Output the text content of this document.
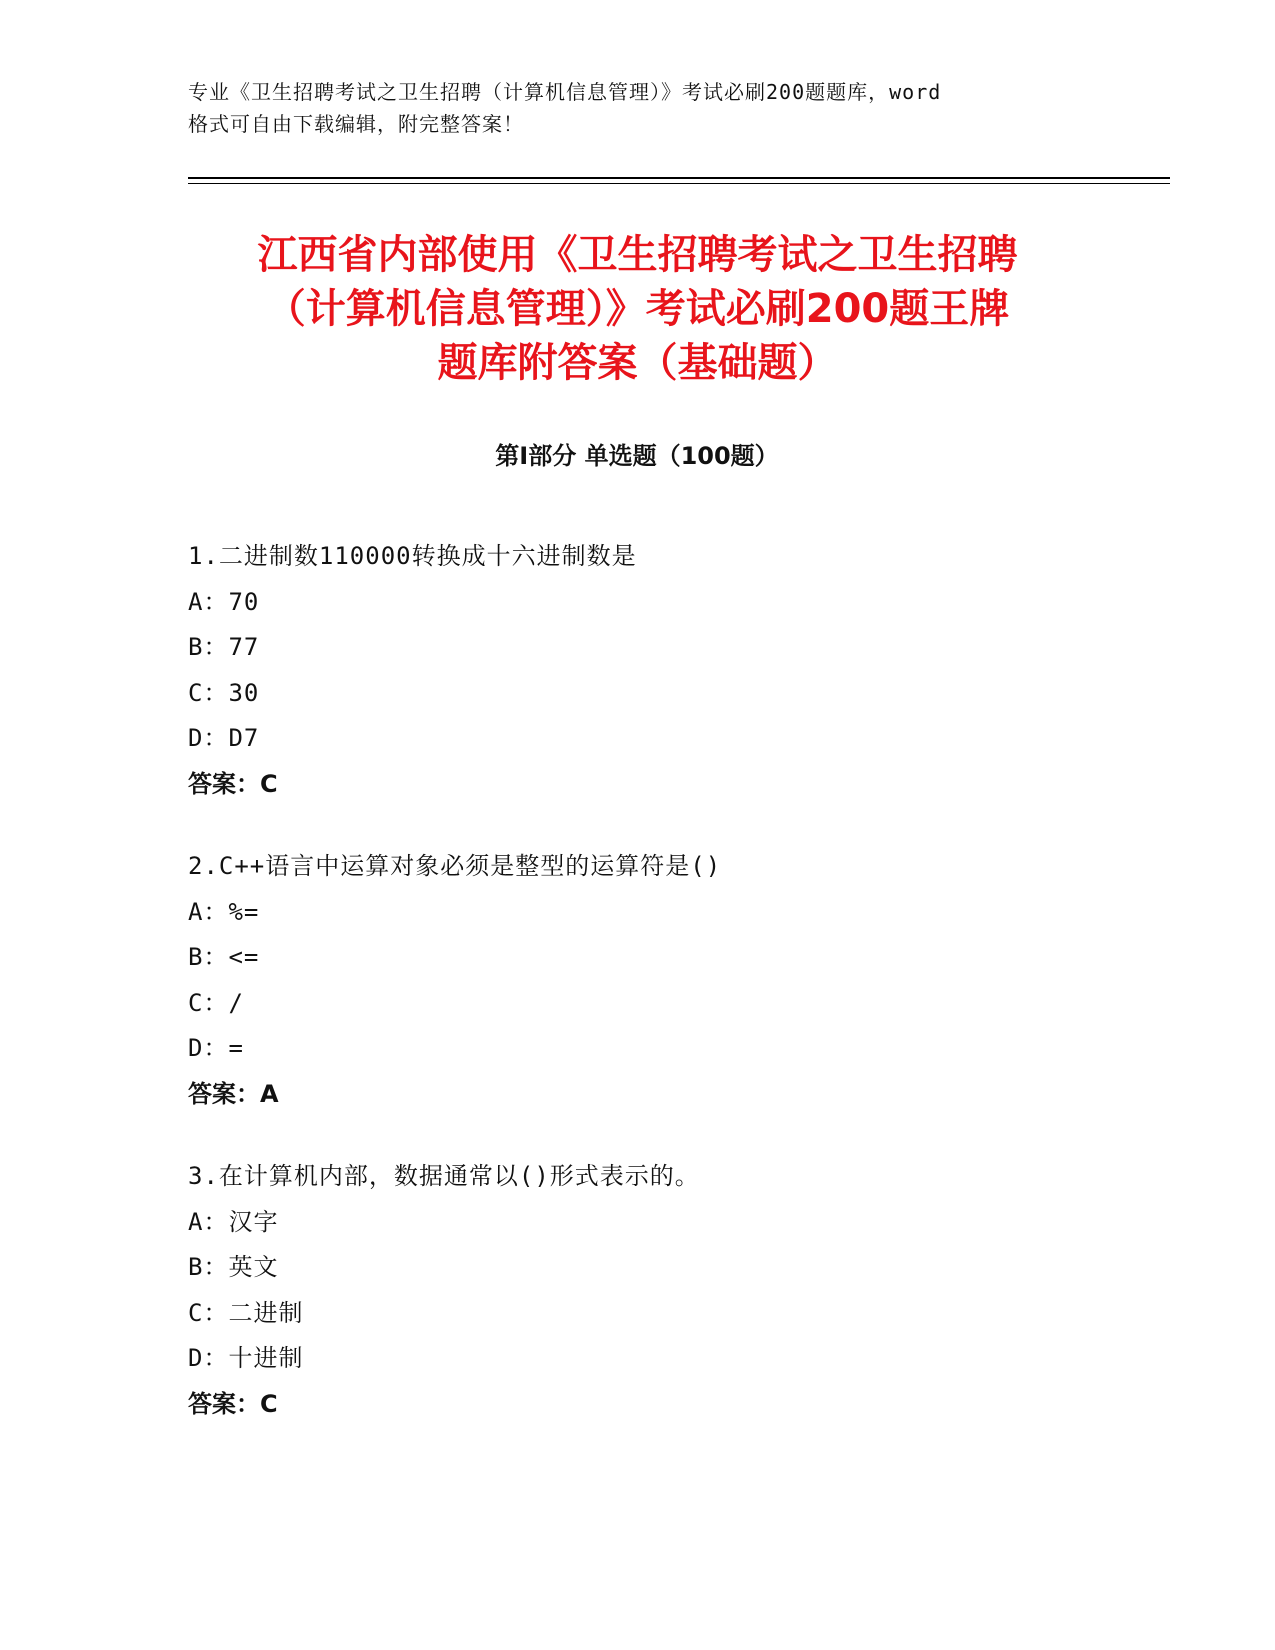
专业《卫生招聘考试之卫生招聘（计算机信息管理）》考试必刷200题题库，word
格式可自由下载编辑，附完整答案！
江西省内部使用《卫生招聘考试之卫生招聘
（计算机信息管理）》考试必刷200题王牌
题库附答案（基础题）
第Ⅰ部分 单选题（100题）
1.二进制数110000转换成十六进制数是
A：70
B：77
C：30
D：D7
答案：C
2.C++语言中运算对象必须是整型的运算符是()
A：%=
B：<=
C：/
D：=
答案：A
3.在计算机内部，数据通常以()形式表示的。
A：汉字
B：英文
C：二进制
D：十进制
答案：C
